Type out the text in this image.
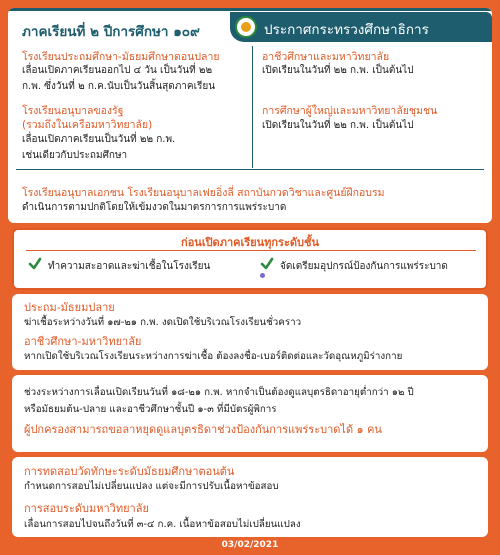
ภาคเรียนที่ ๒ ปีการศึกษา ๑๐๙	ประกาศกระทรวงศึกษาธิการ
โรงเรียนประถมศึกษา-มัธยมศึกษาตอนปลาย
เลื่อนเปิดภาคเรียนออกไป ๔ วัน เป็นวันที่ ๒๒
ก.พ. ซึ่งวันที่ ๒ ก.ค.นับเป็นวันสิ้นสุดภาคเรียน
อาชีวศึกษาและมหาวิทยาลัย
เปิดเรียนในวันที่ ๒๒ ก.พ. เป็นต้นไป
โรงเรียนอนุบาลของรัฐ
(รวมถึงในเครือมหาวิทยาลัย)
เลื่อนเปิดภาคเรียนเป็นวันที่ ๒๒ ก.พ.
เช่นเดียวกับประถมศึกษา
การศึกษาผู้ใหญ่และมหาวิทยาลัยชุมชน
เปิดเรียนในวันที่ ๒๒ ก.พ. เป็นต้นไป
โรงเรียนอนุบาลเอกชน โรงเรียนอนุบาลเฟยอิ่งลี่ สถาบันกวดวิชาและศูนย์ฝึกอบรม
ดำเนินการตามปกติโดยให้เข้มงวดในมาตรการการแพร่ระบาด
ก่อนเปิดภาคเรียนทุกระดับชั้น
ทำความสะอาดและฆ่าเชื้อในโรงเรียน	จัดเตรียมอุปกรณ์ป้องกันการแพร่ระบาด
ประถม-มัธยมปลาย
ฆ่าเชื้อระหว่างวันที่ ๑๗-๒๑ ก.พ. งดเปิดใช้บริเวณโรงเรียนชั่วคราว
อาชีวศึกษา-มหาวิทยาลัย
หากเปิดใช้บริเวณโรงเรียนระหว่างการฆ่าเชื้อ ต้องลงชื่อ-เบอร์ติดต่อและวัดอุณหภูมิร่างกาย
ช่วงระหว่างการเลื่อนเปิดเรียนวันที่ ๑๘-๒๑ ก.พ. หากจำเป็นต้องดูแลบุตรธิดาอายุต่ำกว่า ๑๒ ปี
หรือมัธยมต้น-ปลาย และอาชีวศึกษาชั้นปี ๑-๓ ที่มีบัตรผู้พิการ
ผู้ปกครองสามารถขอลาหยุดดูแลบุตรธิดาช่วงป้องกันการแพร่ระบาดได้ ๑ คน
การทดสอบวัดทักษะระดับมัธยมศึกษาตอนต้น
กำหนดการสอบไม่เปลี่ยนแปลง แต่จะมีการปรับเนื้อหาข้อสอบ
การสอบระดับมหาวิทยาลัย
เลื่อนการสอบไปจนถึงวันที่ ๓-๔ ก.ค. เนื้อหาข้อสอบไม่เปลี่ยนแปลง
03/02/2021
